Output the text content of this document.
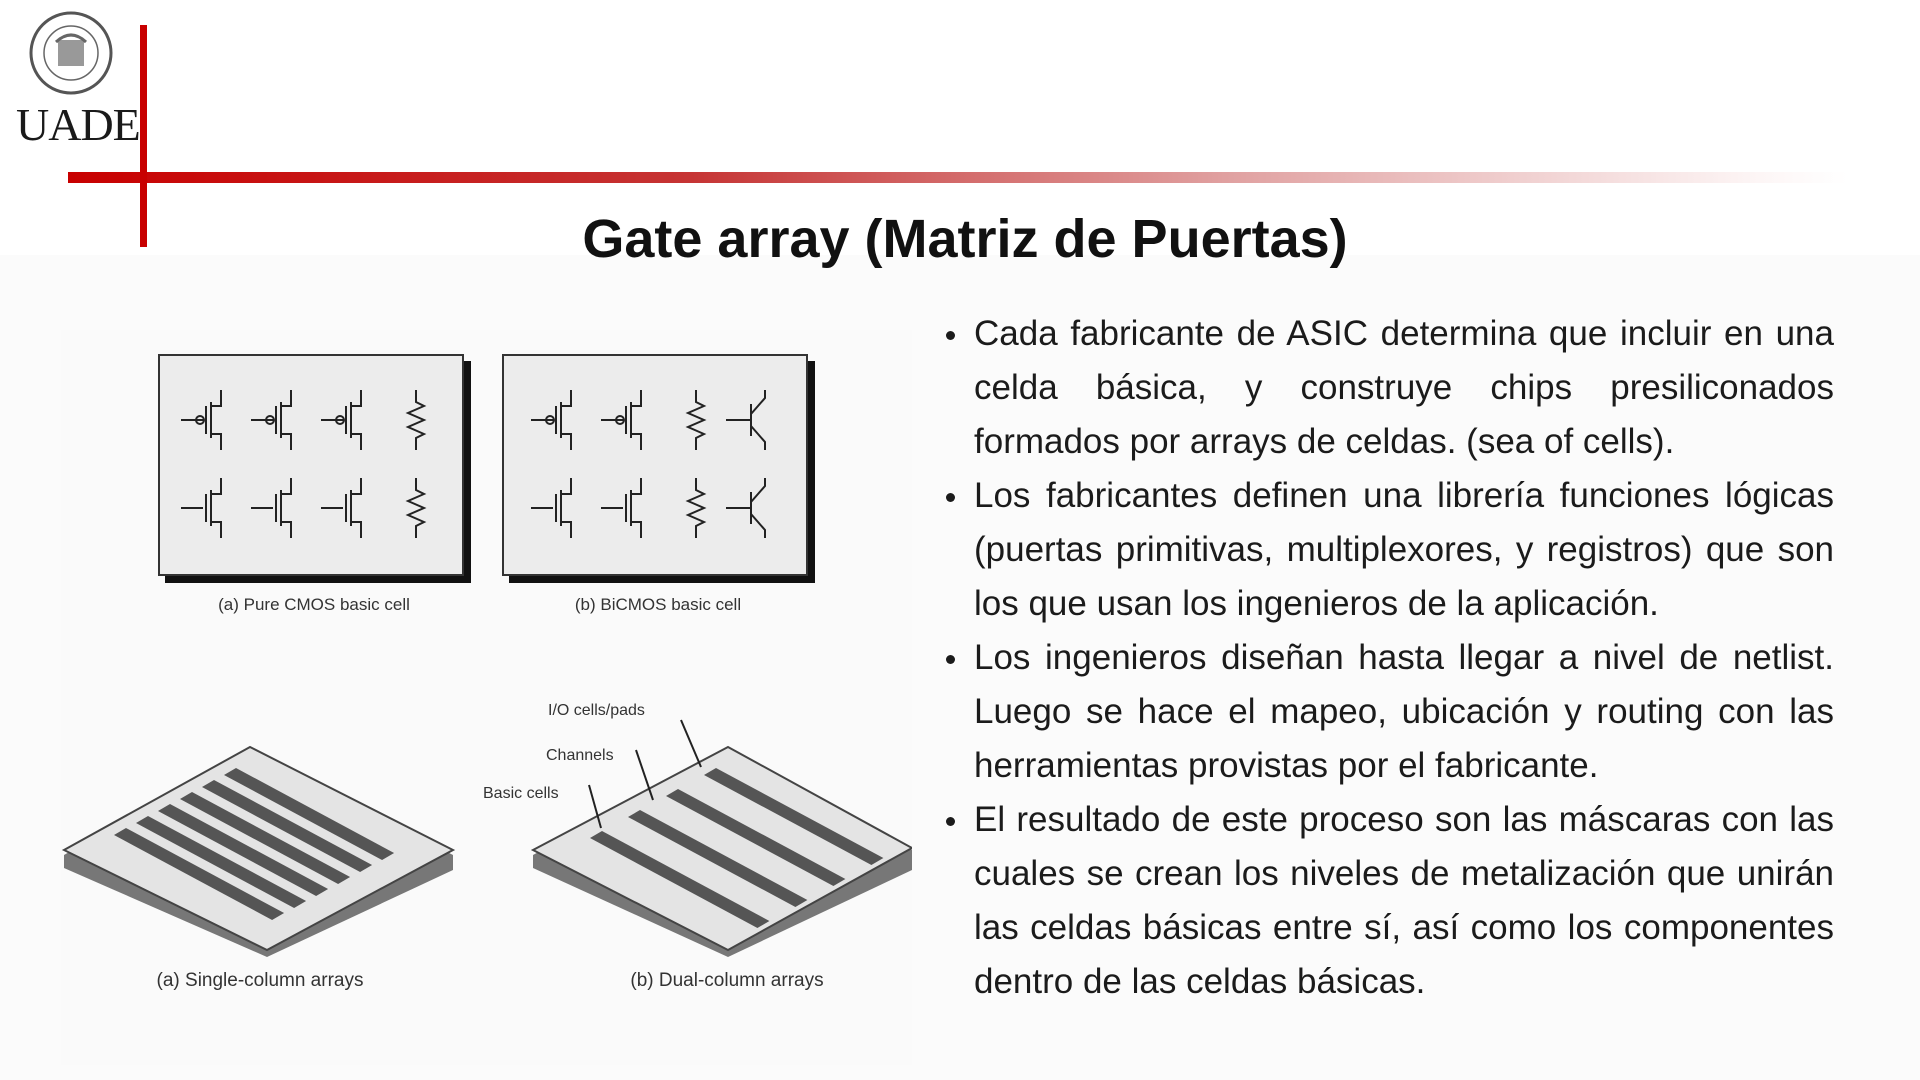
UADE
Gate array (Matriz de Puertas)
(a) Pure CMOS basic cell	(b) BiCMOS basic cell
I/O cells/pads
Channels
Basic cells
(a) Single-column arrays	(b) Dual-column arrays
Cada fabricante de ASIC determina que incluir en una celda básica, y construye chips presiliconados formados por arrays de celdas. (sea of cells).
Los fabricantes definen una librería funciones lógicas (puertas primitivas, multiplexores, y registros) que son los que usan los ingenieros de la aplicación.
Los ingenieros diseñan hasta llegar a nivel de netlist. Luego se hace el mapeo, ubicación y routing con las herramientas provistas por el fabricante.
El resultado de este proceso son las máscaras con las cuales se crean los niveles de metalización que unirán las celdas básicas entre sí, así como los componentes dentro de las celdas básicas.
